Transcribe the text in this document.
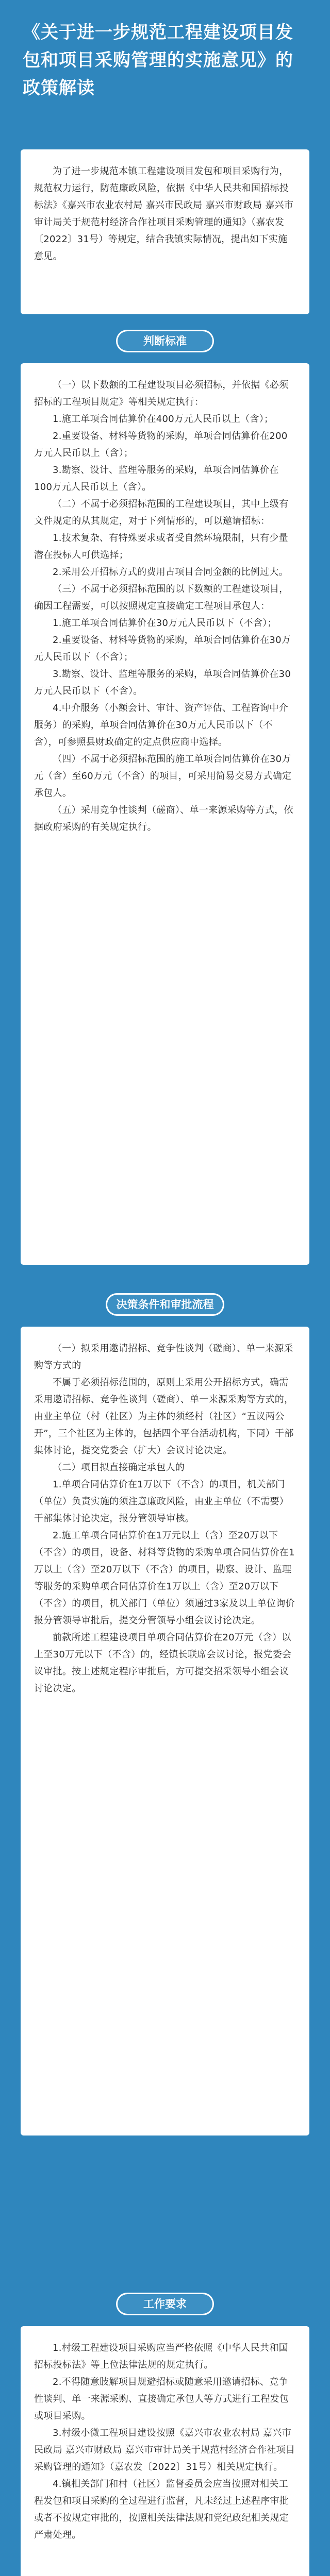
《关于进一步规范工程建设项目发包和项目采购管理的实施意见》的政策解读

为了进一步规范本镇工程建设项目发包和项目采购行为，规范权力运行，防范廉政风险，依据《中华人民共和国招标投标法》《嘉兴市农业农村局 嘉兴市民政局 嘉兴市财政局 嘉兴市审计局关于规范村经济合作社项目采购管理的通知》（嘉农发〔2022〕31号）等规定，结合我镇实际情况，提出如下实施意见。

判断标准

（一）以下数额的工程建设项目必须招标，并依据《必须招标的工程项目规定》等相关规定执行：

1.施工单项合同估算价在400万元人民币以上（含）；

2.重要设备、材料等货物的采购，单项合同估算价在200万元人民币以上（含）；

3.勘察、设计、监理等服务的采购，单项合同估算价在100万元人民币以上（含）。

（二）不属于必须招标范围的工程建设项目，其中上级有文件规定的从其规定，对于下列情形的，可以邀请招标：

1.技术复杂、有特殊要求或者受自然环境限制，只有少量潜在投标人可供选择；

2.采用公开招标方式的费用占项目合同金额的比例过大。

（三）不属于必须招标范围的以下数额的工程建设项目，确因工程需要，可以按照规定直接确定工程项目承包人：

1.施工单项合同估算价在30万元人民币以下（不含）；

2.重要设备、材料等货物的采购，单项合同估算价在30万元人民币以下（不含）；

3.勘察、设计、监理等服务的采购，单项合同估算价在30万元人民币以下（不含）。

4.中介服务（小额会计、审计、资产评估、工程咨询中介服务）的采购，单项合同估算价在30万元人民币以下（不含），可参照县财政确定的定点供应商中选择。

（四）不属于必须招标范围的施工单项合同估算价在30万元（含）至60万元（不含）的项目，可采用简易交易方式确定承包人。

（五）采用竞争性谈判（磋商）、单一来源采购等方式，依据政府采购的有关规定执行。

决策条件和审批流程

（一）拟采用邀请招标、竞争性谈判（磋商）、单一来源采购等方式的

不属于必须招标范围的，原则上采用公开招标方式，确需采用邀请招标、竞争性谈判（磋商）、单一来源采购等方式的，由业主单位（村（社区）为主体的须经村（社区）“五议两公开”，三个社区为主体的，包括四个平台活动机构，下同）干部集体讨论，提交党委会（扩大）会议讨论决定。

（二）项目拟直接确定承包人的

1.单项合同估算价在1万以下（不含）的项目，机关部门（单位）负责实施的须注意廉政风险，由业主单位（不需要）干部集体讨论决定，报分管领导审核。

2.施工单项合同估算价在1万元以上（含）至20万以下（不含）的项目，设备、材料等货物的采购单项合同估算价在1万以上（含）至20万以下（不含）的项目，勘察、设计、监理等服务的采购单项合同估算价在1万以上（含）至20万以下（不含）的项目，机关部门（单位）须通过3家及以上单位询价报分管领导审批后，提交分管领导小组会议讨论决定。

前款所述工程建设项目单项合同估算价在20万元（含）以上至30万元以下（不含）的，经镇长联席会议讨论，报党委会议审批。按上述规定程序审批后，方可提交招采领导小组会议讨论决定。

工作要求

1.村级工程建设项目采购应当严格依照《中华人民共和国招标投标法》等上位法律法规的规定执行。

2.不得随意肢解项目规避招标或随意采用邀请招标、竞争性谈判、单一来源采购、直接确定承包人等方式进行工程发包或项目采购。

3.村级小微工程项目建设按照《嘉兴市农业农村局 嘉兴市民政局 嘉兴市财政局 嘉兴市审计局关于规范村经济合作社项目采购管理的通知》（嘉农发〔2022〕31号）相关规定执行。

4.镇相关部门和村（社区）监督委员会应当按照对相关工程发包和项目采购的全过程进行监督，凡未经过上述程序审批或者不按规定审批的，按照相关法律法规和党纪政纪相关规定严肃处理。
